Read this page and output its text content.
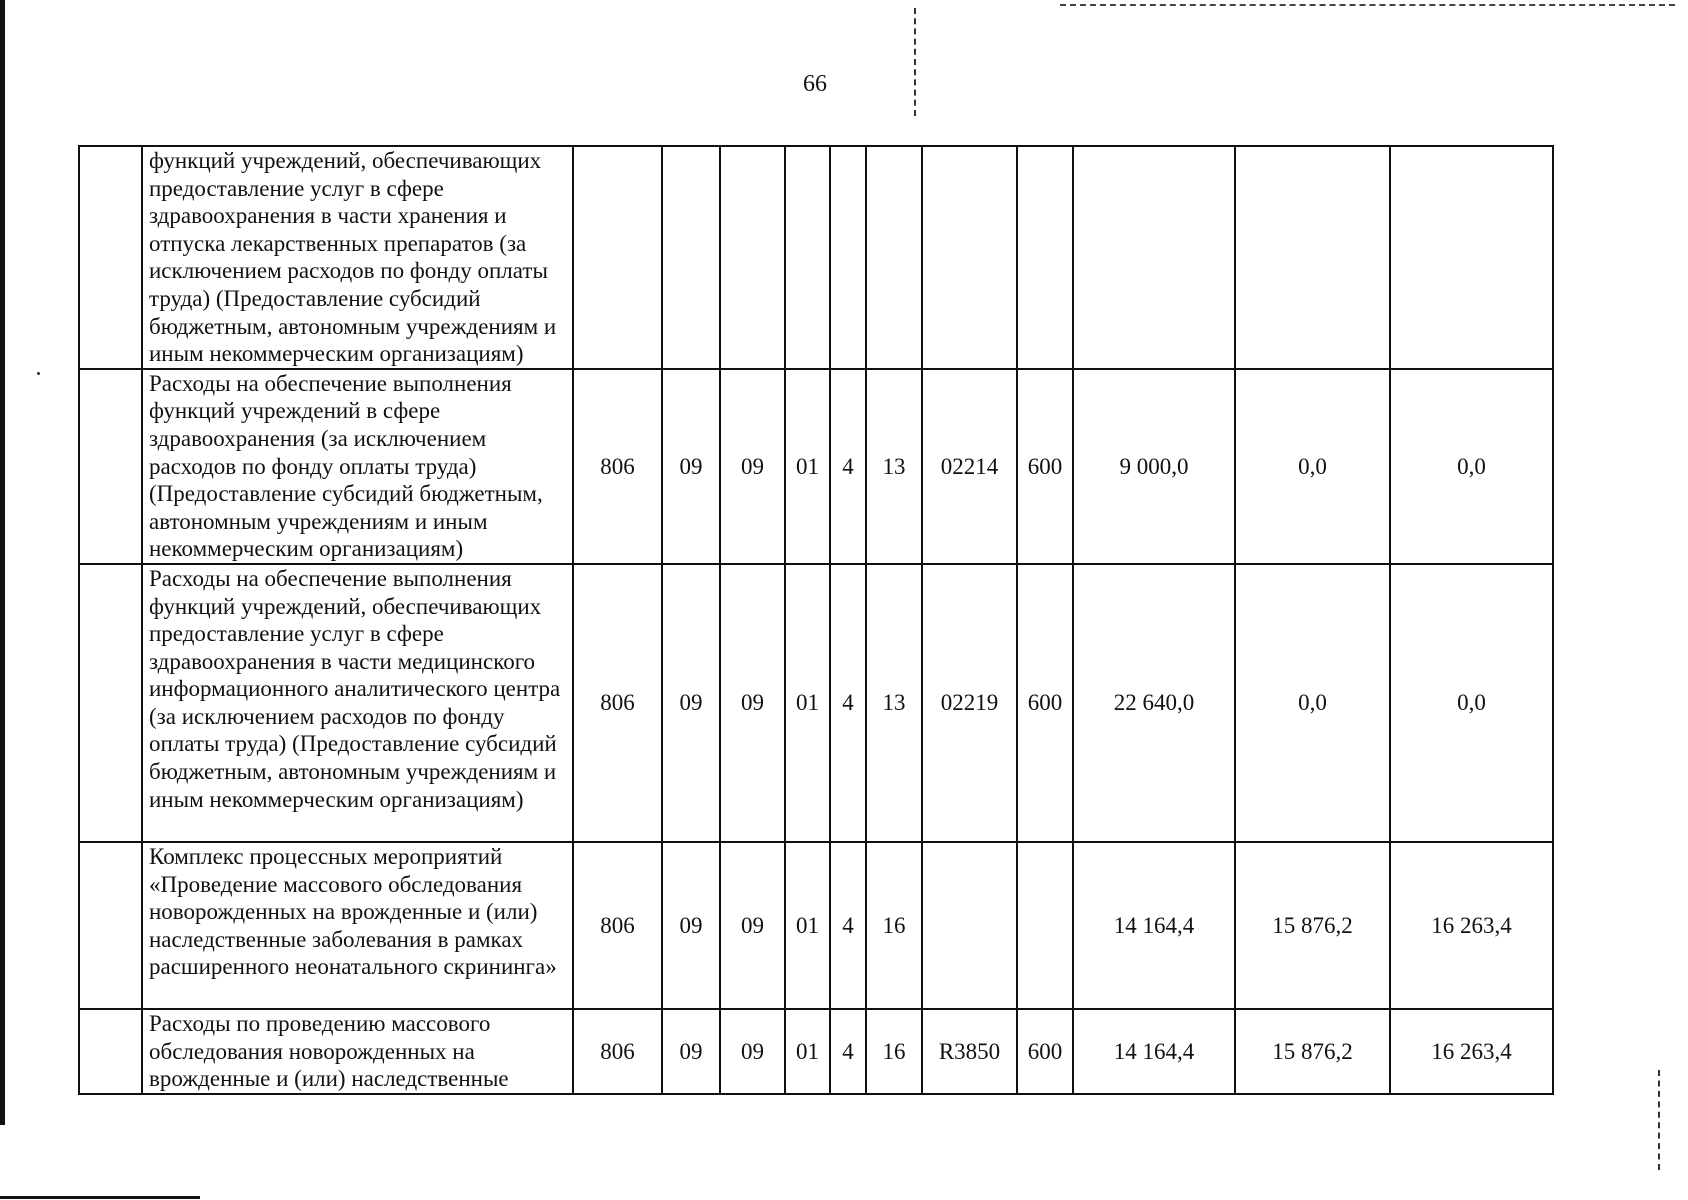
66
	функций учреждений, обеспечивающих предоставление услуг в сфере здравоохранения в части хранения и отпуска лекарственных препаратов (за исключением расходов по фонду оплаты труда) (Предоставление субсидий бюджетным, автономным учреждениям и иным некоммерческим организациям)											
	Расходы на обеспечение выполнения функций учреждений в сфере здравоохранения (за исключением расходов по фонду оплаты труда) (Предоставление субсидий бюджетным, автономным учреждениям и иным некоммерческим организациям)	806	09	09	01	4	13	02214	600	9 000,0	0,0	0,0
	Расходы на обеспечение выполнения функций учреждений, обеспечивающих предоставление услуг в сфере здравоохранения в части медицинского информационного аналитического центра (за исключением расходов по фонду оплаты труда) (Предоставление субсидий бюджетным, автономным учреждениям и иным некоммерческим организациям)	806	09	09	01	4	13	02219	600	22 640,0	0,0	0,0
	Комплекс процессных мероприятий «Проведение массового обследования новорожденных на врожденные и (или) наследственные заболевания в рамках расширенного неонатального скрининга»	806	09	09	01	4	16			14 164,4	15 876,2	16 263,4
	Расходы по проведению массового обследования новорожденных на врожденные и (или) наследственные	806	09	09	01	4	16	R3850	600	14 164,4	15 876,2	16 263,4
